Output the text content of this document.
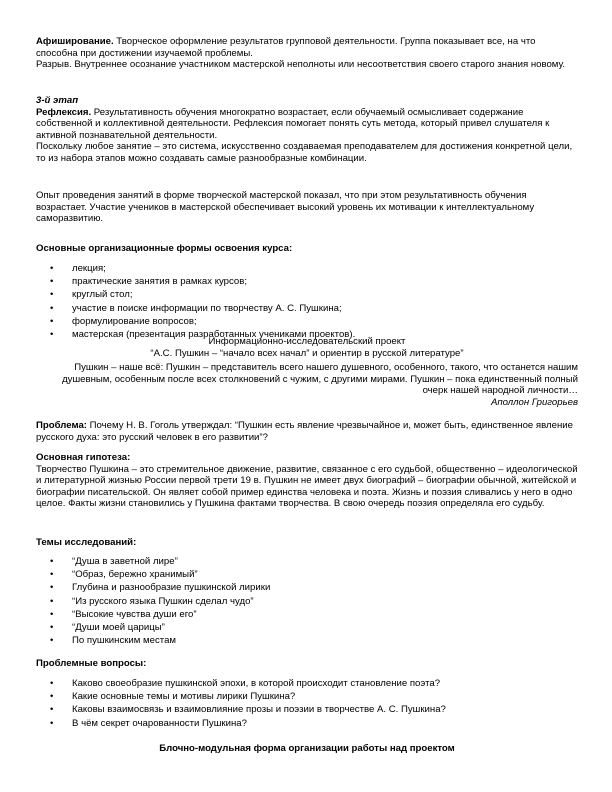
Афиширование. Творческое оформление результатов групповой деятельности. Группа показывает все, на что способна при достижении изучаемой проблемы.

Разрыв. Внутреннее осознание участником мастерской неполноты или несоответствия своего старого знания новому.

3-й этап

Рефлексия. Результативность обучения многократно возрастает, если обучаемый осмысливает содержание собственной и коллективной деятельности. Рефлексия помогает понять суть метода, который привел слушателя к активной познавательной деятельности.

Поскольку любое занятие – это система, искусственно создаваемая преподавателем для достижения конкретной цели, то из набора этапов можно создавать самые разнообразные комбинации.

Опыт проведения занятий в форме творческой мастерской показал, что при этом результативность обучения возрастает. Участие учеников в мастерской обеспечивает высокий уровень их мотивации к интеллектуальному саморазвитию.

Основные организационные формы освоения курса:

• лекция;
• практические занятия в рамках курсов;
• круглый стол;
• участие в поиске информации по творчеству А. С. Пушкина;
• формулирование вопросов;
• мастерская (презентация разработанных учениками проектов).

Информационно-исследовательский проект

“А.С. Пушкин – “начало всех начал” и ориентир в русской литературе”

Пушкин – наше всё: Пушкин – представитель всего нашего душевного, особенного, такого, что останется нашим душевным, особенным после всех столкновений с чужим, с другими мирами. Пушкин – пока единственный полный очерк нашей народной личности…

Аполлон Григорьев

Проблема: Почему Н. В. Гоголь утверждал: “Пушкин есть явление чрезвычайное и, может быть, единственное явление русского духа: это русский человек в его развитии”?

Основная гипотеза:

Творчество Пушкина – это стремительное движение, развитие, связанное с его судьбой, общественно – идеологической и литературной жизнью России первой трети 19 в. Пушкин не имеет двух биографий – биографии обычной, житейской и биографии писательской. Он являет собой пример единства человека и поэта. Жизнь и поэзия сливались у него в одно целое. Факты жизни становились у Пушкина фактами творчества. В свою очередь поэзия определяла его судьбу.

Темы исследований:

• “Душа в заветной лире”
• “Образ, бережно хранимый”
• Глубина и разнообразие пушкинской лирики
• “Из русского языка Пушкин сделал чудо”
• “Высокие чувства души его”
• “Души моей царицы”
• По пушкинским местам

Проблемные вопросы:

• Каково своеобразие пушкинской эпохи, в которой происходит становление поэта?
• Какие основные темы и мотивы лирики Пушкина?
• Каковы взаимосвязь и взаимовлияние прозы и поэзии в творчестве А. С. Пушкина?
• В чём секрет очарованности Пушкина?

Блочно-модульная форма организации работы над проектом
